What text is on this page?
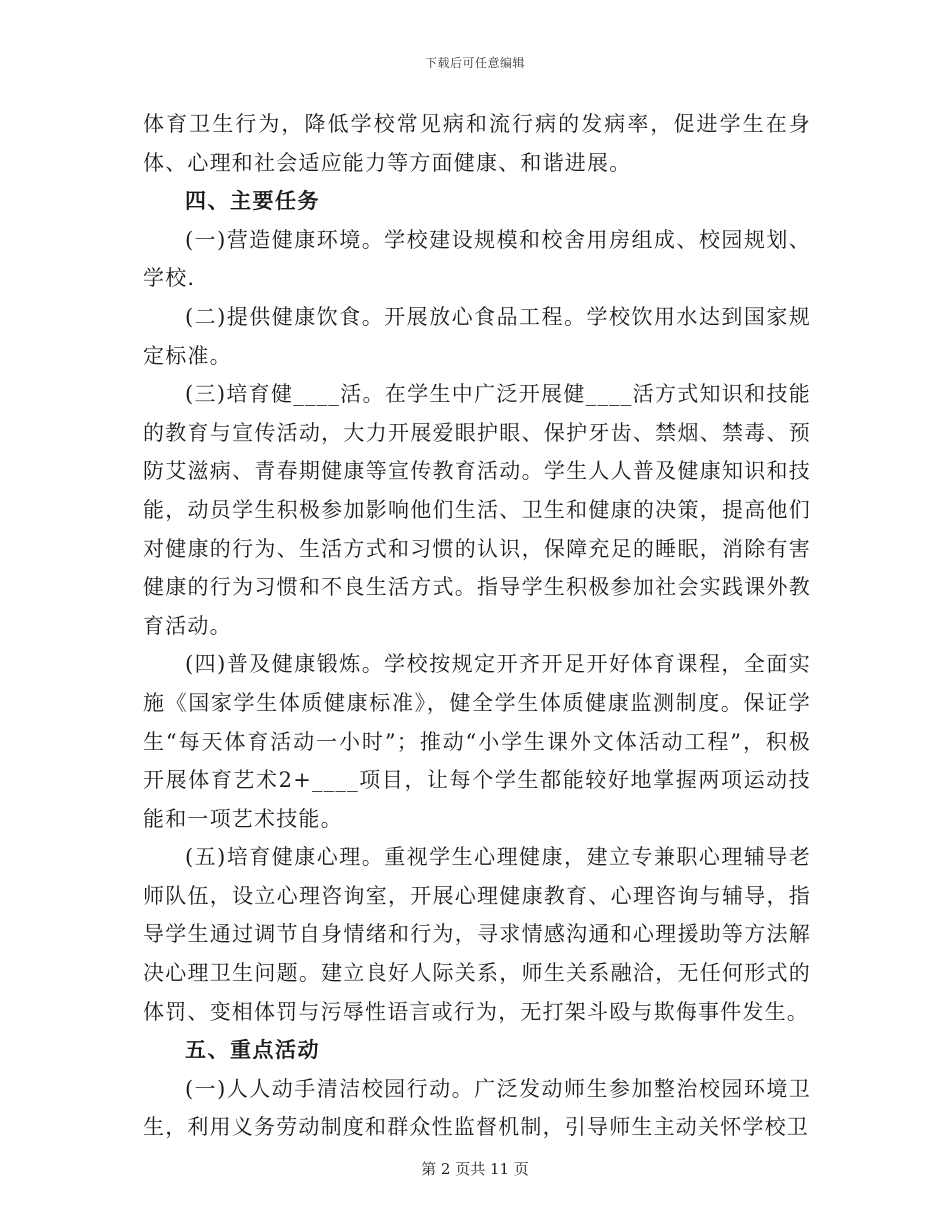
下载后可任意编辑

体育卫生行为，降低学校常见病和流行病的发病率，促进学生在身体、心理和社会适应能力等方面健康、和谐进展。

四、主要任务

(一)营造健康环境。学校建设规模和校舍用房组成、校园规划、学校.

(二)提供健康饮食。开展放心食品工程。学校饮用水达到国家规定标准。

(三)培育健____活。在学生中广泛开展健____活方式知识和技能的教育与宣传活动，大力开展爱眼护眼、保护牙齿、禁烟、禁毒、预防艾滋病、青春期健康等宣传教育活动。学生人人普及健康知识和技能，动员学生积极参加影响他们生活、卫生和健康的决策，提高他们对健康的行为、生活方式和习惯的认识，保障充足的睡眠，消除有害健康的行为习惯和不良生活方式。指导学生积极参加社会实践课外教育活动。

(四)普及健康锻炼。学校按规定开齐开足开好体育课程，全面实施《国家学生体质健康标准》，健全学生体质健康监测制度。保证学生“每天体育活动一小时”；推动“小学生课外文体活动工程”，积极开展体育艺术2+____项目，让每个学生都能较好地掌握两项运动技能和一项艺术技能。

(五)培育健康心理。重视学生心理健康，建立专兼职心理辅导老师队伍，设立心理咨询室，开展心理健康教育、心理咨询与辅导，指导学生通过调节自身情绪和行为，寻求情感沟通和心理援助等方法解决心理卫生问题。建立良好人际关系，师生关系融洽，无任何形式的体罚、变相体罚与污辱性语言或行为，无打架斗殴与欺侮事件发生。

五、重点活动

(一)人人动手清洁校园行动。广泛发动师生参加整治校园环境卫生，利用义务劳动制度和群众性监督机制，引导师生主动关怀学校卫

第 2 页共 11 页
